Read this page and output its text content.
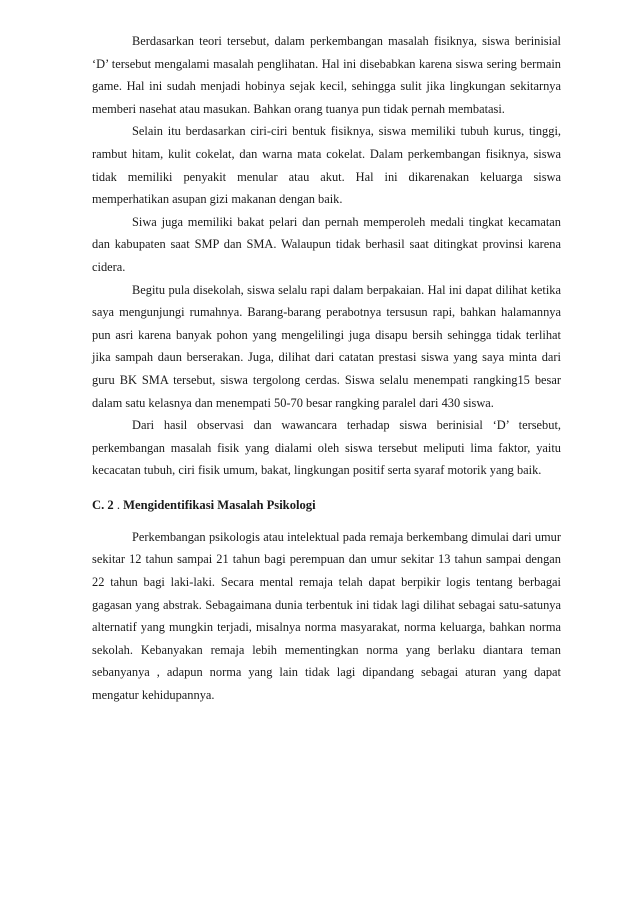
Berdasarkan teori tersebut, dalam perkembangan masalah fisiknya, siswa berinisial ‘D’ tersebut mengalami masalah penglihatan. Hal ini disebabkan karena siswa sering bermain game. Hal ini sudah menjadi hobinya sejak kecil, sehingga sulit jika lingkungan sekitarnya memberi nasehat atau masukan. Bahkan orang tuanya pun tidak pernah membatasi.

Selain itu berdasarkan ciri-ciri bentuk fisiknya, siswa memiliki tubuh kurus, tinggi, rambut hitam, kulit cokelat, dan warna mata cokelat. Dalam perkembangan fisiknya, siswa tidak memiliki penyakit menular atau akut. Hal ini dikarenakan keluarga siswa memperhatikan asupan gizi makanan dengan baik.

Siwa juga memiliki bakat pelari dan pernah memperoleh medali tingkat kecamatan dan kabupaten saat SMP dan SMA. Walaupun tidak berhasil saat ditingkat provinsi karena cidera.

Begitu pula disekolah, siswa selalu rapi dalam berpakaian. Hal ini dapat dilihat ketika saya mengunjungi rumahnya. Barang-barang perabotnya tersusun rapi, bahkan halamannya pun asri karena banyak pohon yang mengelilingi juga disapu bersih sehingga tidak terlihat jika sampah daun berserakan. Juga, dilihat dari catatan prestasi siswa yang saya minta dari guru BK SMA tersebut, siswa tergolong cerdas. Siswa selalu menempati rangking15 besar dalam satu kelasnya dan menempati 50-70 besar rangking paralel dari 430 siswa.

Dari hasil observasi dan wawancara terhadap siswa berinisial ‘D’ tersebut, perkembangan masalah fisik yang dialami oleh siswa tersebut meliputi lima faktor, yaitu kecacatan tubuh, ciri fisik umum, bakat, lingkungan positif serta syaraf motorik yang baik.

C. 2 . Mengidentifikasi Masalah Psikologi

Perkembangan psikologis atau intelektual pada remaja berkembang dimulai dari umur sekitar 12 tahun sampai 21 tahun bagi perempuan dan umur sekitar 13 tahun sampai dengan 22 tahun bagi laki-laki. Secara mental remaja telah dapat berpikir logis tentang berbagai gagasan yang abstrak. Sebagaimana dunia terbentuk ini tidak lagi dilihat sebagai satu-satunya alternatif yang mungkin terjadi, misalnya norma masyarakat, norma keluarga, bahkan norma sekolah. Kebanyakan remaja lebih mementingkan norma yang berlaku diantara teman sebanyanya , adapun norma yang lain tidak lagi dipandang sebagai aturan yang dapat mengatur kehidupannya.
